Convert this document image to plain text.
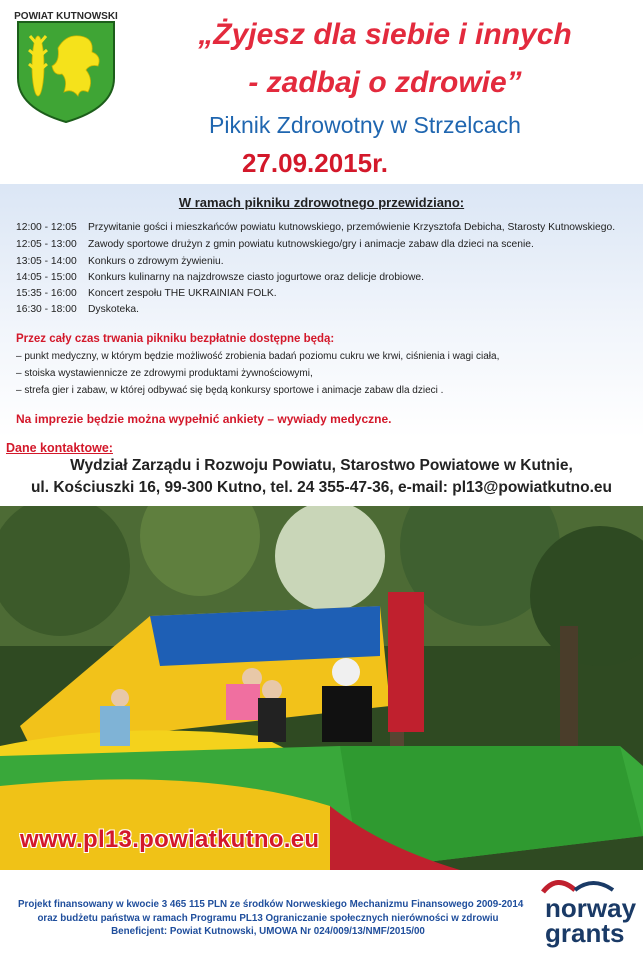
POWIAT KUTNOWSKI
„Żyjesz dla siebie i innych
- zadbaj o zdrowie”
Piknik Zdrowotny w Strzelcach
27.09.2015r.
W ramach pikniku zdrowotnego przewidziano:
12:00 - 12:05 Przywitanie gości i mieszkańców powiatu kutnowskiego, przemówienie Krzysztofa Debicha, Starosty Kutnowskiego.
12:05 - 13:00 Zawody sportowe drużyn z gmin powiatu kutnowskiego/gry i animacje zabaw dla dzieci na scenie.
13:05 - 14:00 Konkurs o zdrowym żywieniu.
14:05 - 15:00 Konkurs kulinarny na najzdrowsze ciasto jogurtowe oraz delicje drobiowe.
15:35 - 16:00 Koncert zespołu THE UKRAINIAN FOLK.
16:30 - 18:00 Dyskoteka.
Przez cały czas trwania pikniku bezpłatnie dostępne będą:
– punkt medyczny, w którym będzie możliwość zrobienia badań poziomu cukru we krwi, ciśnienia i wagi ciała,
– stoiska wystawiennicze ze zdrowymi produktami żywnościowymi,
– strefa gier i zabaw, w której odbywać się będą konkursy sportowe i animacje zabaw dla dzieci .
Na imprezie będzie można wypełnić ankiety – wywiady medyczne.
Dane kontaktowe:
Wydział Zarządu i Rozwoju Powiatu, Starostwo Powiatowe w Kutnie,
ul. Kościuszki 16, 99-300 Kutno, tel. 24 355-47-36, e-mail: pl13@powiatkutno.eu
www.pl13.powiatkutno.eu
Projekt finansowany w kwocie 3 465 115 PLN ze środków Norweskiego Mechanizmu Finansowego 2009-2014
oraz budżetu państwa w ramach Programu PL13 Ograniczanie społecznych nierówności w zdrowiu
Beneficjent: Powiat Kutnowski, UMOWA Nr 024/009/13/NMF/2015/00
norway
grants
